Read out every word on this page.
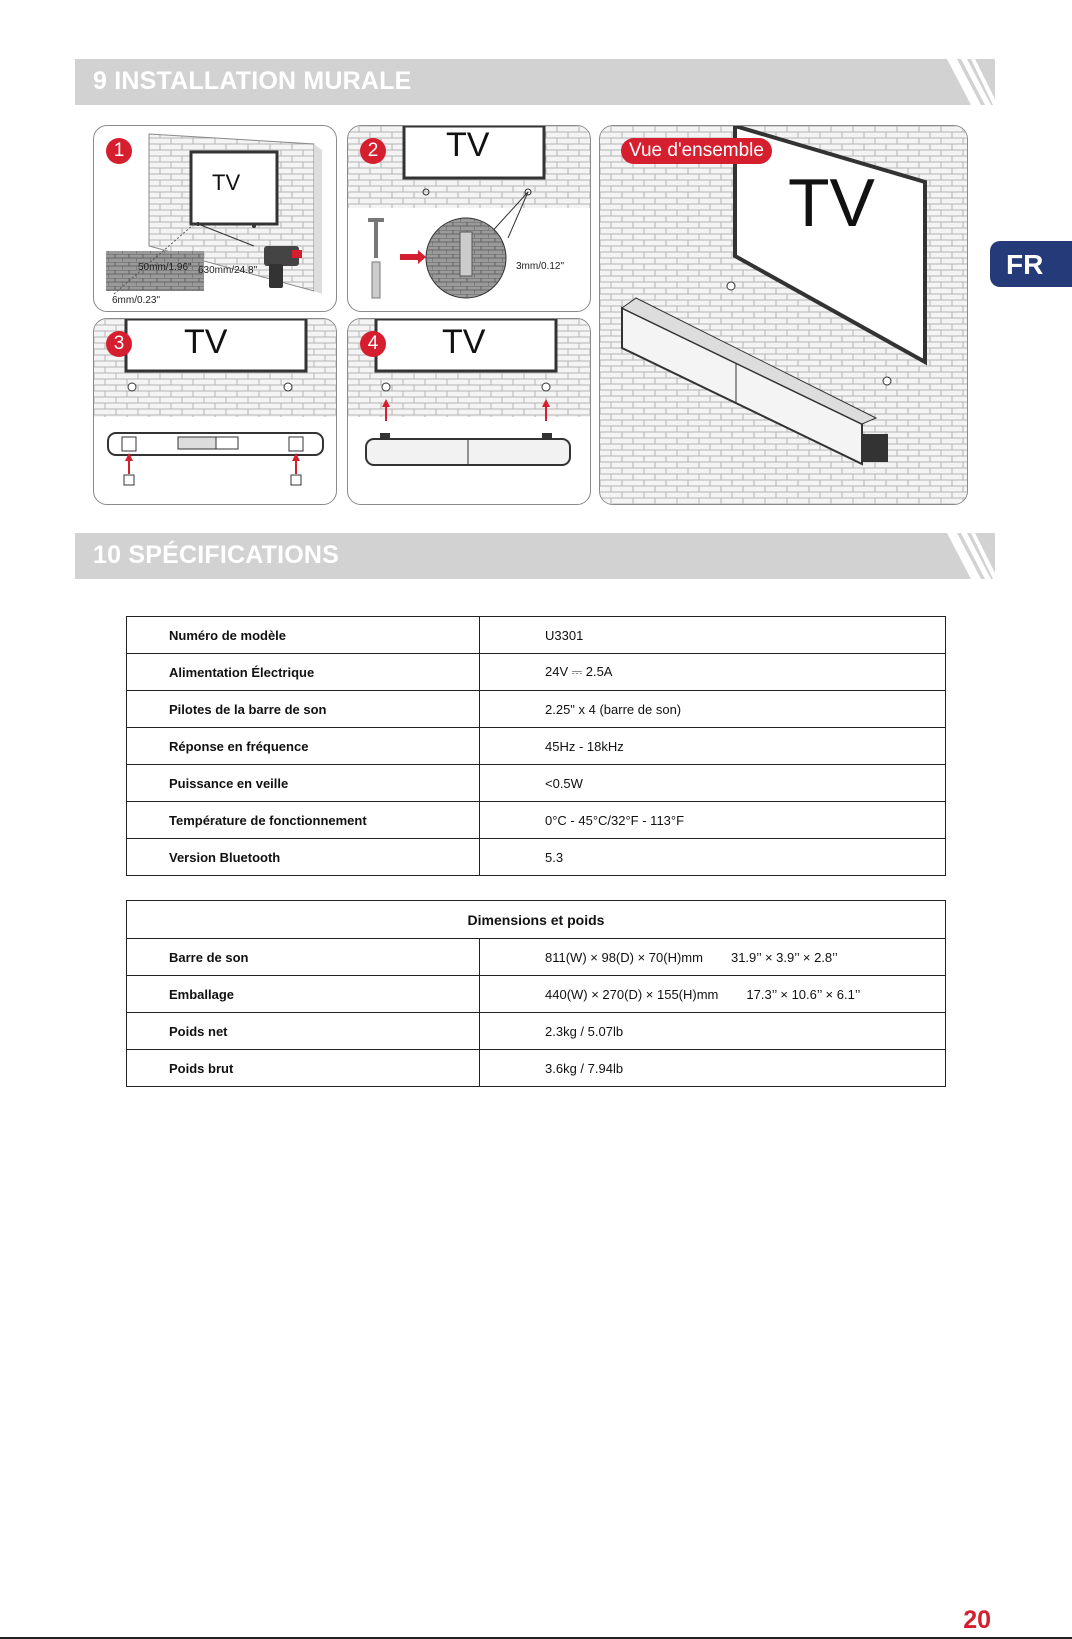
9 INSTALLATION MURALE
FR
1
TV
50mm/1.96" 630mm/24.8"
6mm/0.23"
2 TV
3mm/0.12"
3 TV	4 TV
Vue d'ensemble
TV
10 SPÉCIFICATIONS
Numéro de modèle	U3301
Alimentation Électrique	24V ⎓ 2.5A
Pilotes de la barre de son	2.25" x 4 (barre de son)
Réponse en fréquence	45Hz - 18kHz
Puissance en veille	<0.5W
Température de fonctionnement	0°C - 45°C/32°F - 113°F
Version Bluetooth	5.3
Dimensions et poids	
Barre de son	811(W) × 98(D) × 70(H)mm 31.9’’ × 3.9’’ × 2.8’’
Emballage	440(W) × 270(D) × 155(H)mm 17.3’’ × 10.6’’ × 6.1’’
Poids net	2.3kg / 5.07lb
Poids brut	3.6kg / 7.94lb
20
